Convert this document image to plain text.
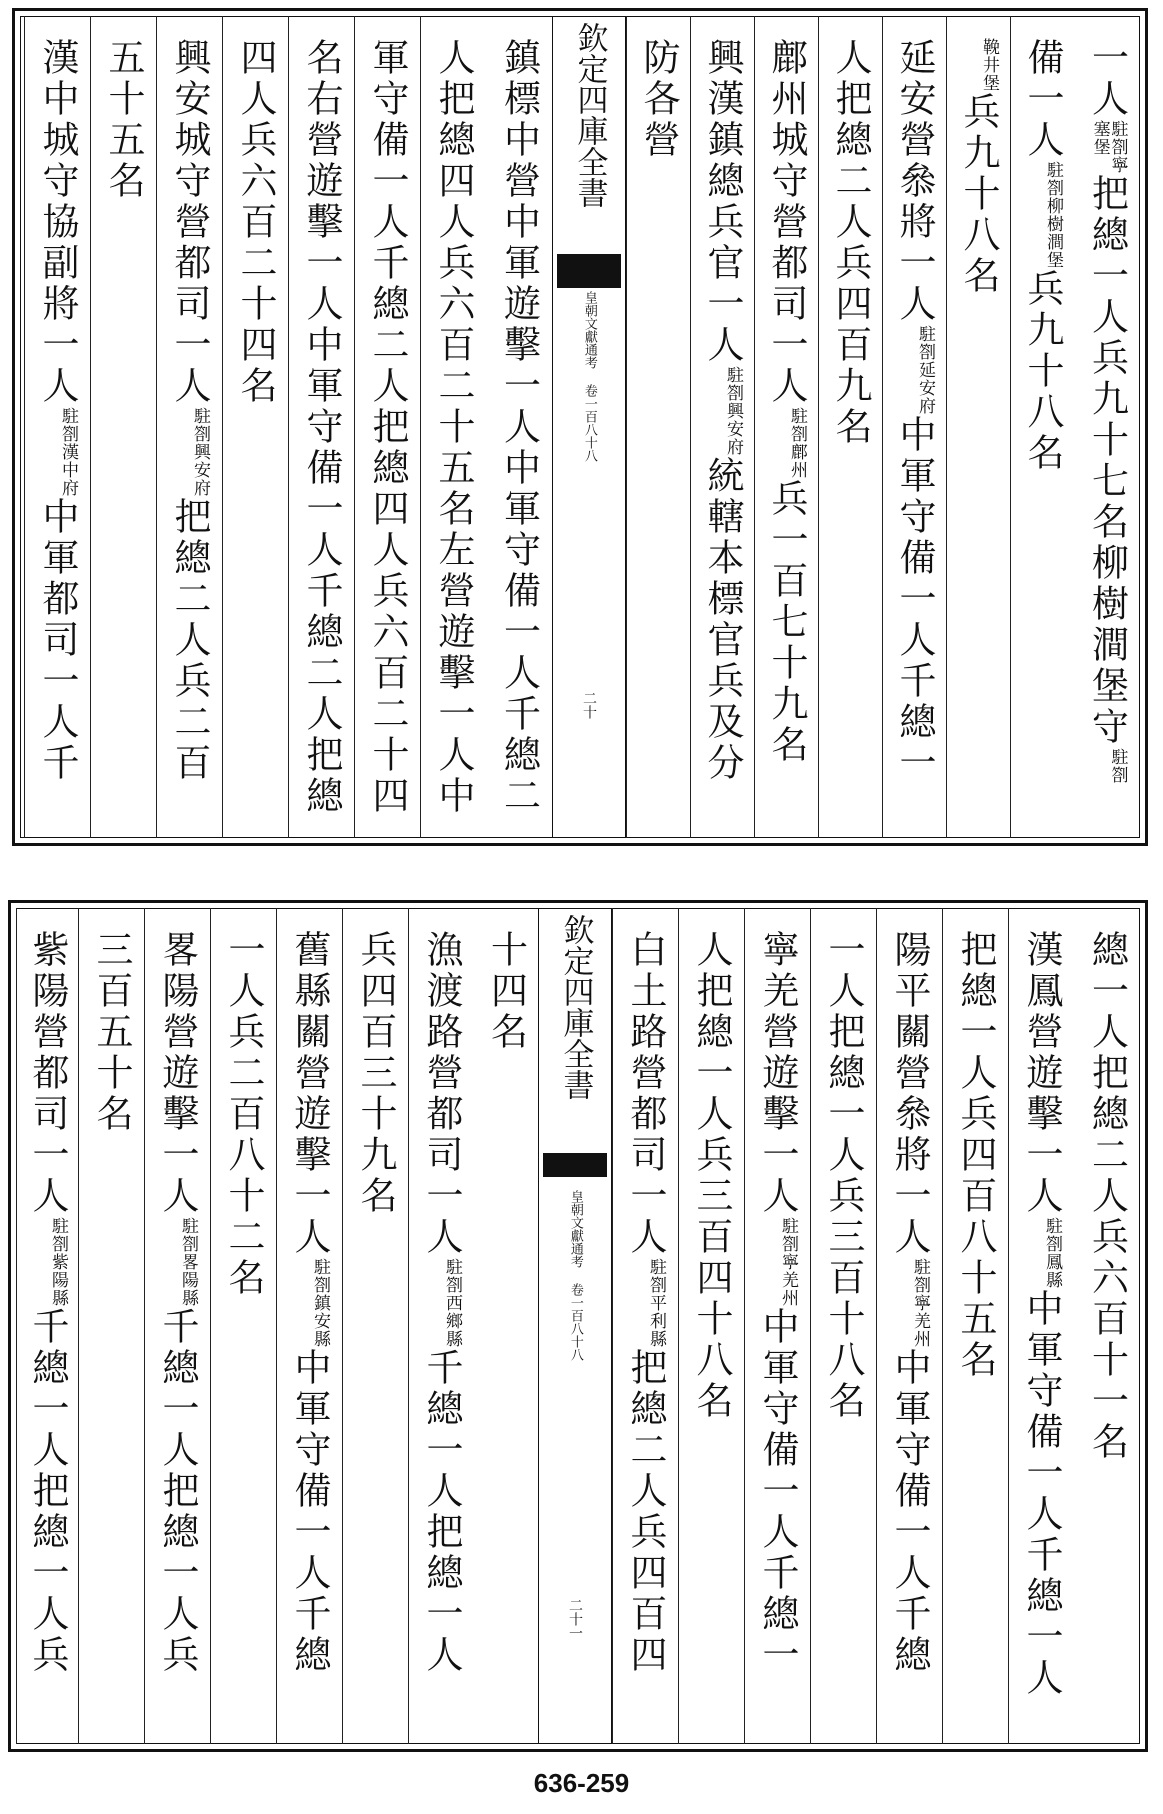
一人駐劄寧
塞堡把總一人兵九十七名柳樹澗堡守駐劄
備一人駐劄柳樹澗堡兵九十八名
鞔井堡兵九十八名
延安營叅將一人駐劄延安府中軍守備一人千總一
人把總二人兵四百九名
鄜州城守營都司一人駐劄鄜州兵一百七十九名
興漢鎮總兵官一人駐劄興安府統轄本標官兵及分
防各營
欽定四庫全書
皇朝文獻通考 卷一百八十八
二十
鎮標中營中軍遊擊一人中軍守備一人千總二
人把總四人兵六百二十五名左營遊擊一人中
軍守備一人千總二人把總四人兵六百二十四
名右營遊擊一人中軍守備一人千總二人把總
四人兵六百二十四名
興安城守營都司一人駐劄興安府把總二人兵二百
五十五名
漢中城守協副將一人駐劄漢中府中軍都司一人千
總一人把總二人兵六百十一名
漢鳳營遊擊一人駐劄鳳縣中軍守備一人千總一人
把總一人兵四百八十五名
陽平關營叅將一人駐劄寧羌州中軍守備一人千總
一人把總一人兵三百十八名
寧羌營遊擊一人駐劄寧羌州中軍守備一人千總一
人把總一人兵三百四十八名
白土路營都司一人駐劄平利縣把總二人兵四百四
欽定四庫全書
皇朝文獻通考 卷一百八十八
二十一
十四名
漁渡路營都司一人駐劄西鄉縣千總一人把總一人
兵四百三十九名
舊縣關營遊擊一人駐劄鎮安縣中軍守備一人千總
一人兵二百八十二名
畧陽營遊擊一人駐劄畧陽縣千總一人把總一人兵
三百五十名
紫陽營都司一人駐劄紫陽縣千總一人把總一人兵
636-259
